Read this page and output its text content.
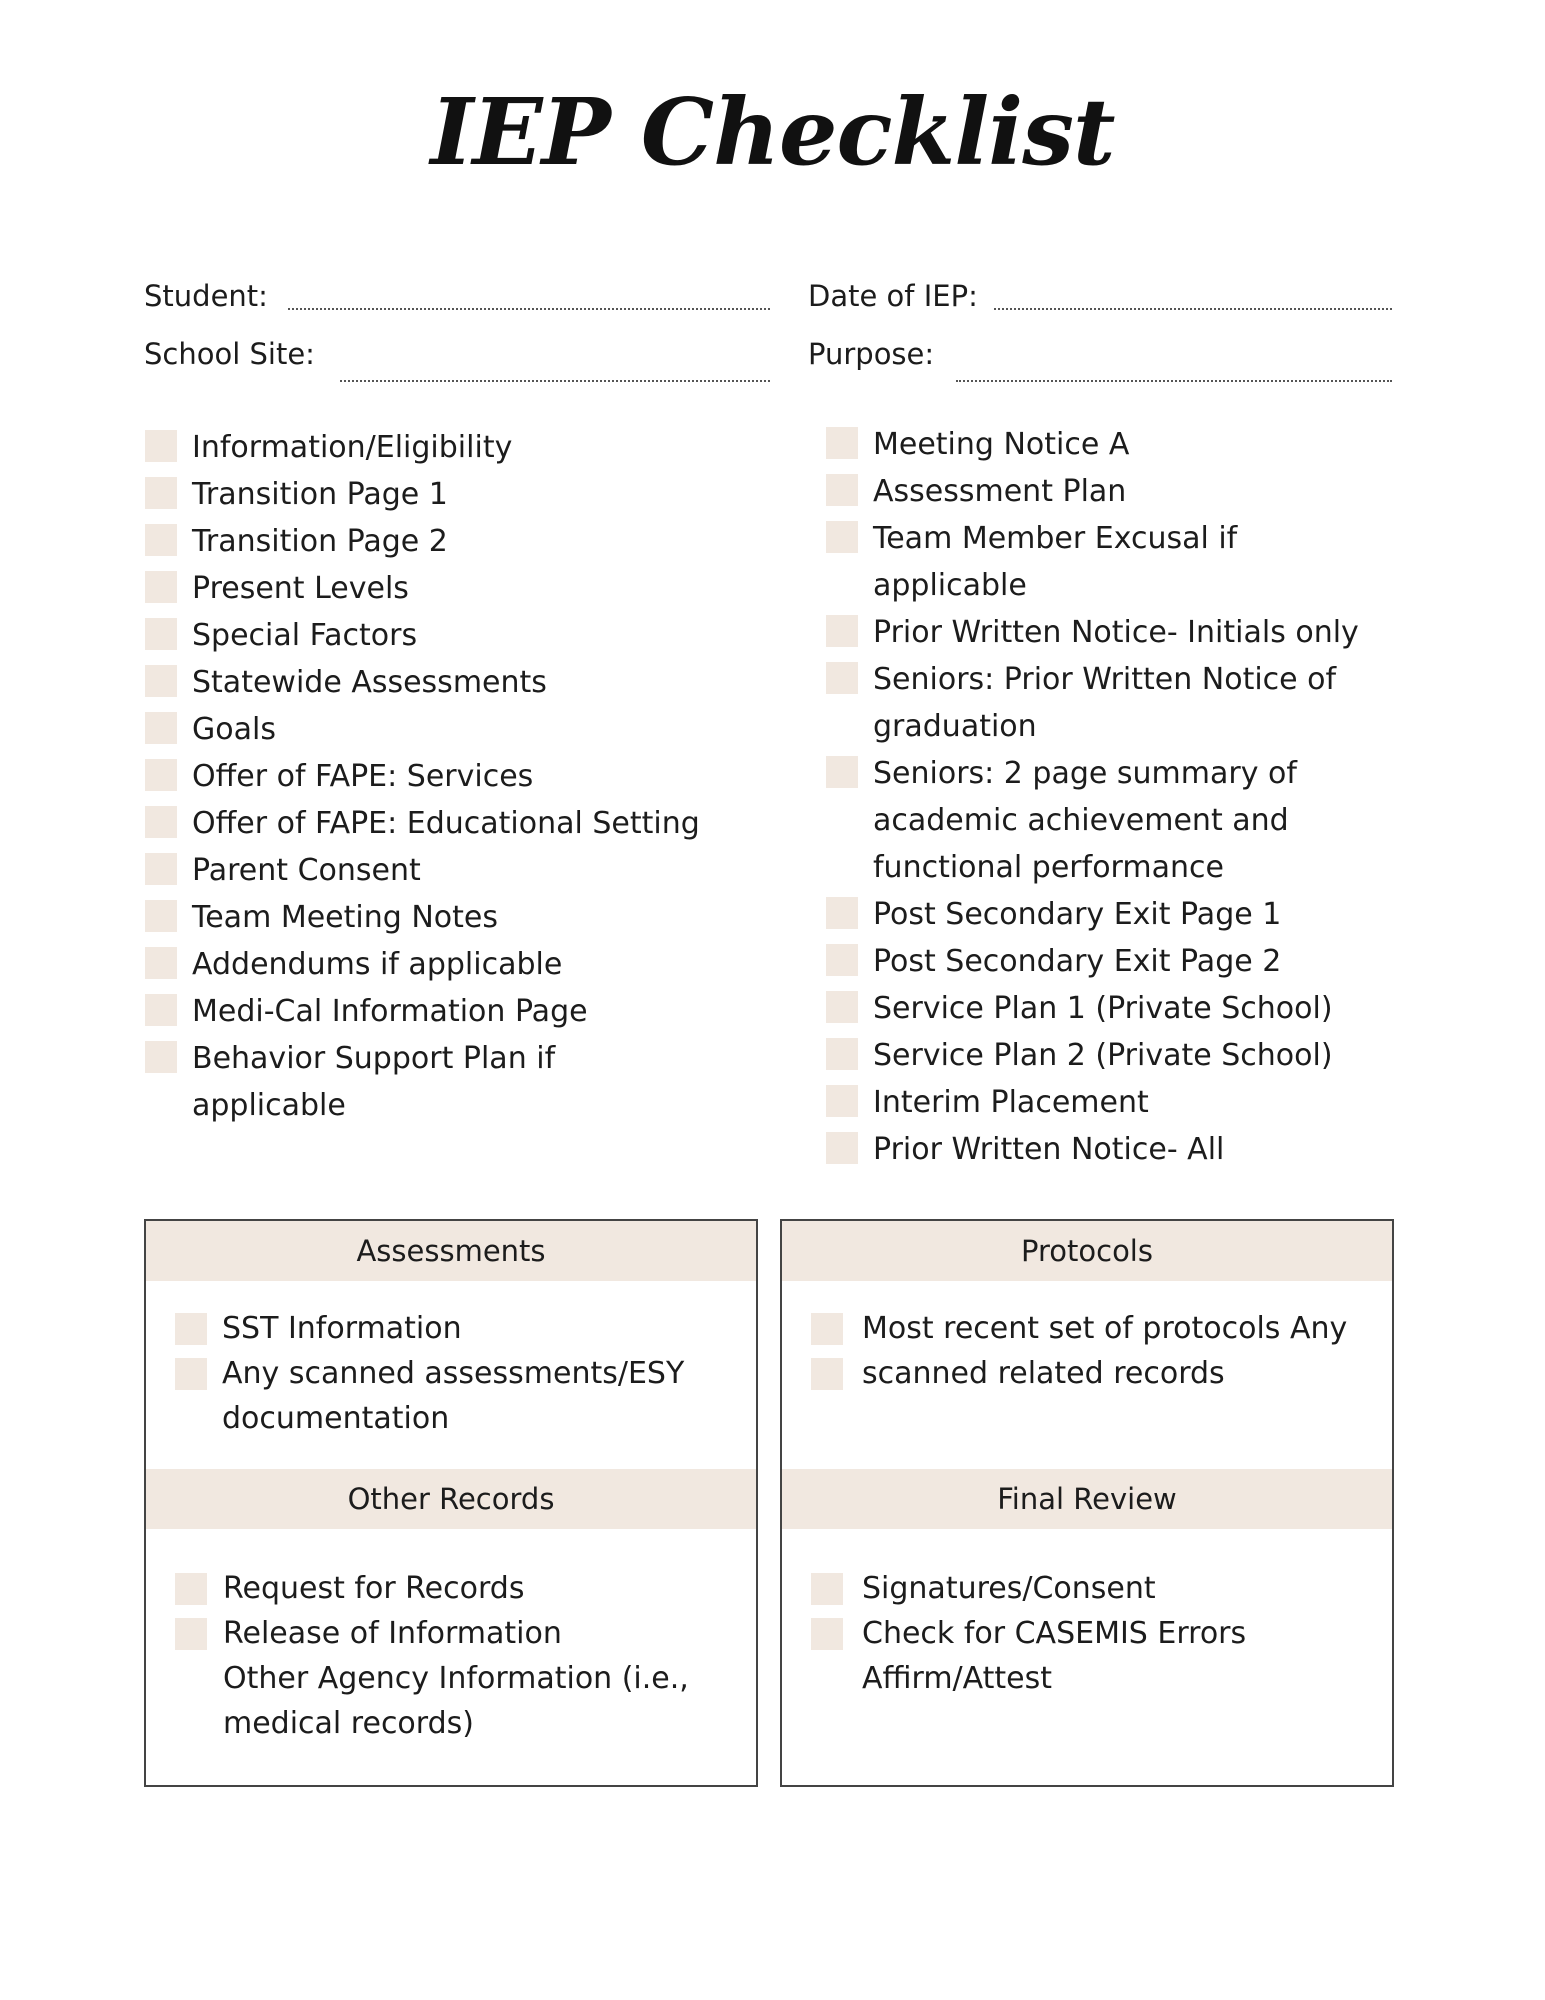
IEP Checklist
Student:	Date of IEP:
School Site:	Purpose:
Information/Eligibility
Transition Page 1
Transition Page 2
Present Levels
Special Factors
Statewide Assessments
Goals
Offer of FAPE: Services
Offer of FAPE: Educational Setting
Parent Consent
Team Meeting Notes
Addendums if applicable
Medi-Cal Information Page
Behavior Support Plan if
applicable
Meeting Notice A
Assessment Plan
Team Member Excusal if
applicable
Prior Written Notice- Initials only
Seniors: Prior Written Notice of
graduation
Seniors: 2 page summary of
academic achievement and
functional performance
Post Secondary Exit Page 1
Post Secondary Exit Page 2
Service Plan 1 (Private School)
Service Plan 2 (Private School)
Interim Placement
Prior Written Notice- All
Assessments
SST Information
Any scanned assessments/ESY
documentation
Other Records
Request for Records
Release of Information
Other Agency Information (i.e.,
medical records)
Protocols
Most recent set of protocols Any
scanned related records
Final Review
Signatures/Consent
Check for CASEMIS Errors
Affirm/Attest
